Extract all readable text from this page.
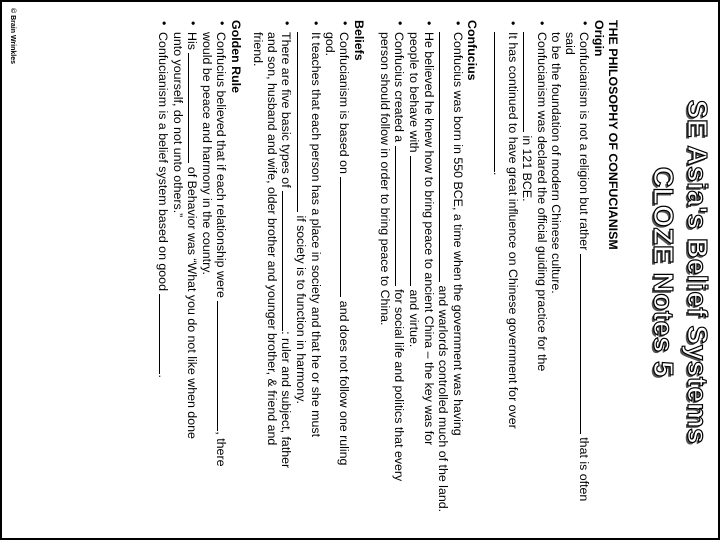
SE Asia's Belief Systems
CLOZE Notes 5

THE PHILOSOPHY OF CONFUCIANISM

Origin

• Confucianism is not a religion but rather  that is often said
to be the foundation of modern Chinese culture.
• Confucianism was declared the official guiding practice for the
in 121 BCE.
• It has continued to have great influence on Chinese government for over
.

Confucius

• Confucius was born in 550 BCE, a time when the government was having
and warlords controlled much of the land.
• He believed he knew how to bring peace to ancient China – the key was for
people to behave with  and virtue.
• Confucius created a  for social life and politics that every
person should follow in order to bring peace to China.

Beliefs

• Confucianism is based on  and does not follow one ruling
god.
• It teaches that each person has a place in society and that he or she must
if society is to function in harmony.
• There are five basic types of : ruler and subject, father
and son, husband and wife, older brother and younger brother, & friend and
friend.

Golden Rule

• Confucius believed that if each relationship were , there
would be peace and harmony in the country.
• His  of Behavior was “What you do not like when done
unto yourself, do not unto others.”
• Confucianism is a belief system based on good .
© Brain Wrinkles
